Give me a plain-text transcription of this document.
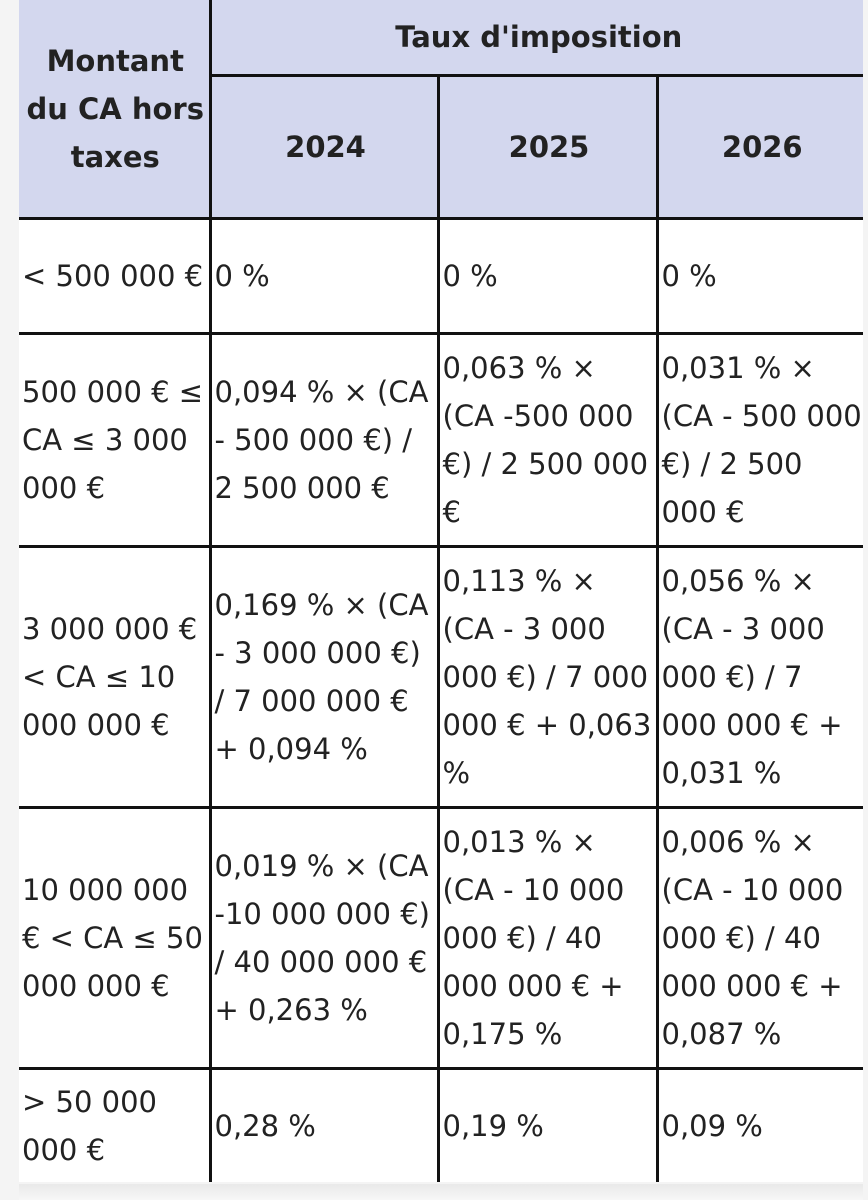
Montant du CA hors taxes	Taux d'imposition		
	2024	2025	2026
< 500 000 €	0 %	0 %	0 %
500 000 € ≤ CA ≤ 3 000 000 €	0,094 % × (CA - 500 000 €) / 2 500 000 €	0,063 % × (CA -500 000 €) / 2 500 000 €	0,031 % × (CA - 500 000 €) / 2 500 000 €
3 000 000 € < CA ≤ 10 000 000 €	0,169 % × (CA - 3 000 000 €) / 7 000 000 € + 0,094 %	0,113 % × (CA - 3 000 000 €) / 7 000 000 € + 0,063 %	0,056 % × (CA - 3 000 000 €) / 7 000 000 € + 0,031 %
10 000 000 € < CA ≤ 50 000 000 €	0,019 % × (CA -10 000 000 €) / 40 000 000 € + 0,263 %	0,013 % × (CA - 10 000 000 €) / 40 000 000 € + 0,175 %	0,006 % × (CA - 10 000 000 €) / 40 000 000 € + 0,087 %
> 50 000 000 €	0,28 %	0,19 %	0,09 %
